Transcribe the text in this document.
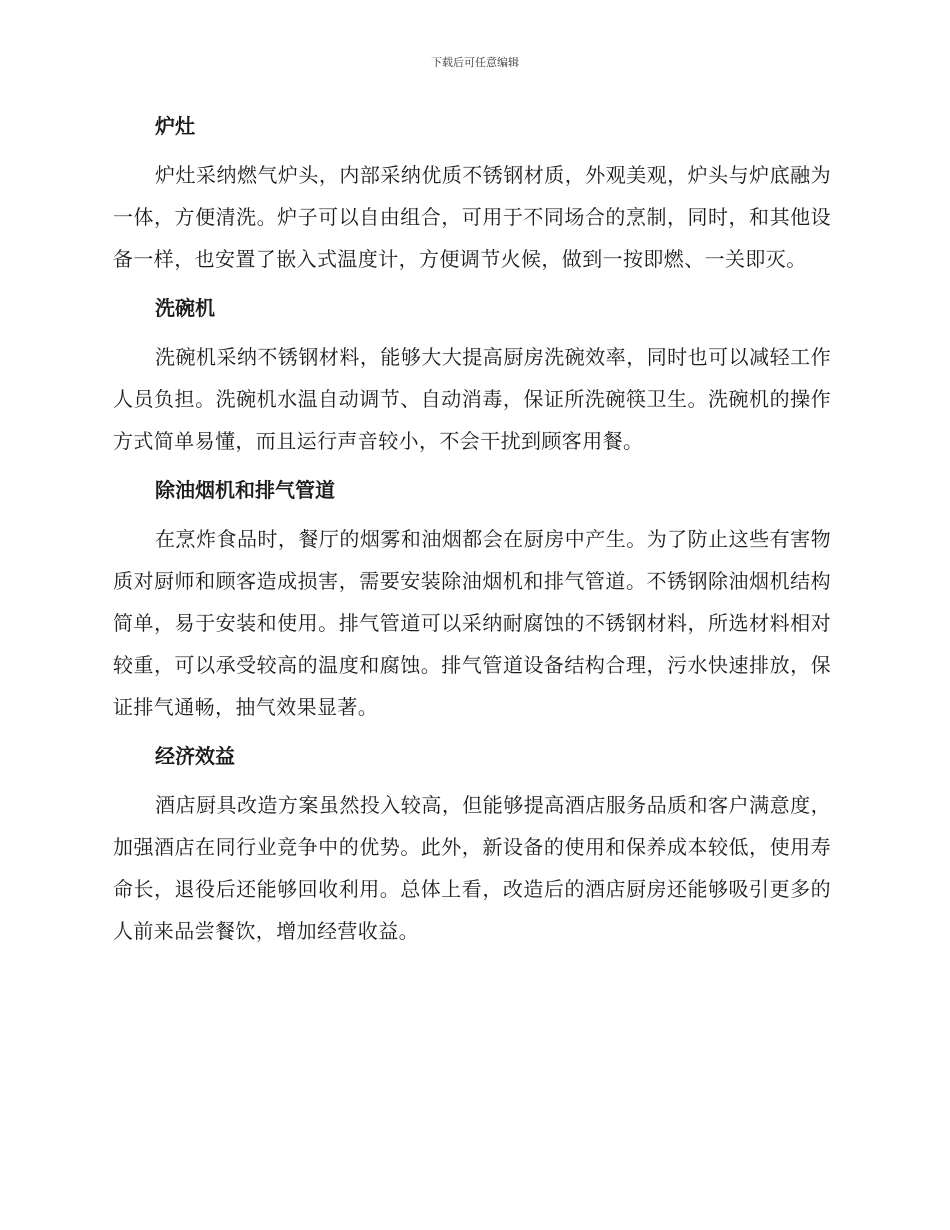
下载后可任意编辑
炉灶

炉灶采纳燃气炉头，内部采纳优质不锈钢材质，外观美观，炉头与炉底融为一体，方便清洗。炉子可以自由组合，可用于不同场合的烹制，同时，和其他设备一样，也安置了嵌入式温度计，方便调节火候，做到一按即燃、一关即灭。

洗碗机

洗碗机采纳不锈钢材料，能够大大提高厨房洗碗效率，同时也可以减轻工作人员负担。洗碗机水温自动调节、自动消毒，保证所洗碗筷卫生。洗碗机的操作方式简单易懂，而且运行声音较小，不会干扰到顾客用餐。

除油烟机和排气管道

在烹炸食品时，餐厅的烟雾和油烟都会在厨房中产生。为了防止这些有害物质对厨师和顾客造成损害，需要安装除油烟机和排气管道。不锈钢除油烟机结构简单，易于安装和使用。排气管道可以采纳耐腐蚀的不锈钢材料，所选材料相对较重，可以承受较高的温度和腐蚀。排气管道设备结构合理，污水快速排放，保证排气通畅，抽气效果显著。

经济效益

酒店厨具改造方案虽然投入较高，但能够提高酒店服务品质和客户满意度，加强酒店在同行业竞争中的优势。此外，新设备的使用和保养成本较低，使用寿命长，退役后还能够回收利用。总体上看，改造后的酒店厨房还能够吸引更多的人前来品尝餐饮，增加经营收益。
